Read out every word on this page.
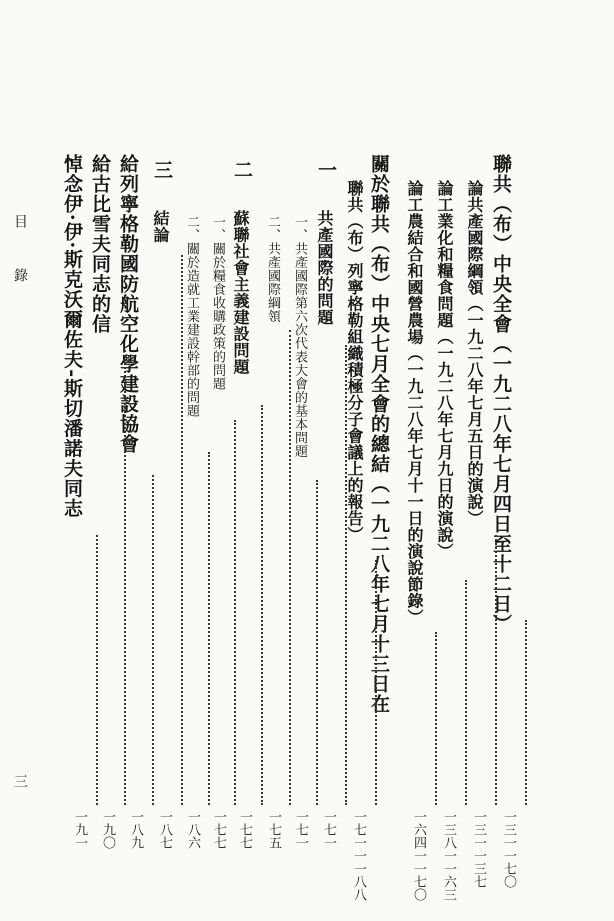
目　　錄
三
聯共（布）中央全會（一九二八年七月四日至十二日）
一三一一七〇
論共產國際綱領（一九二八年七月五日的演說）
一三一一三七
論工業化和糧食問題（一九二八年七月九日的演說）
一三八一一六三
論工農結合和國營農場（一九二八年七月十一日的演說節錄）
一六四一一七〇
關於聯共（布）中央七月全會的總結（一九二八年七月十三日在
聯共（布）列寧格勒組織積極分子會議上的報告）
一七一一一八八
一
共產國際的問題
一七一
一、共產國際第六次代表大會的基本問題
一七一
二、共產國際綱領
一七五
二
蘇聯社會主義建設問題
一七七
一、關於糧食收購政策的問題
一七七
二、關於造就工業建設幹部的問題
一八六
三
結論
一八七
給列寧格勒國防航空化學建設協會
一八九
給古比雪夫同志的信
一九〇
悼念伊·伊·斯克沃爾佐夫-斯切潘諾夫同志
一九一
